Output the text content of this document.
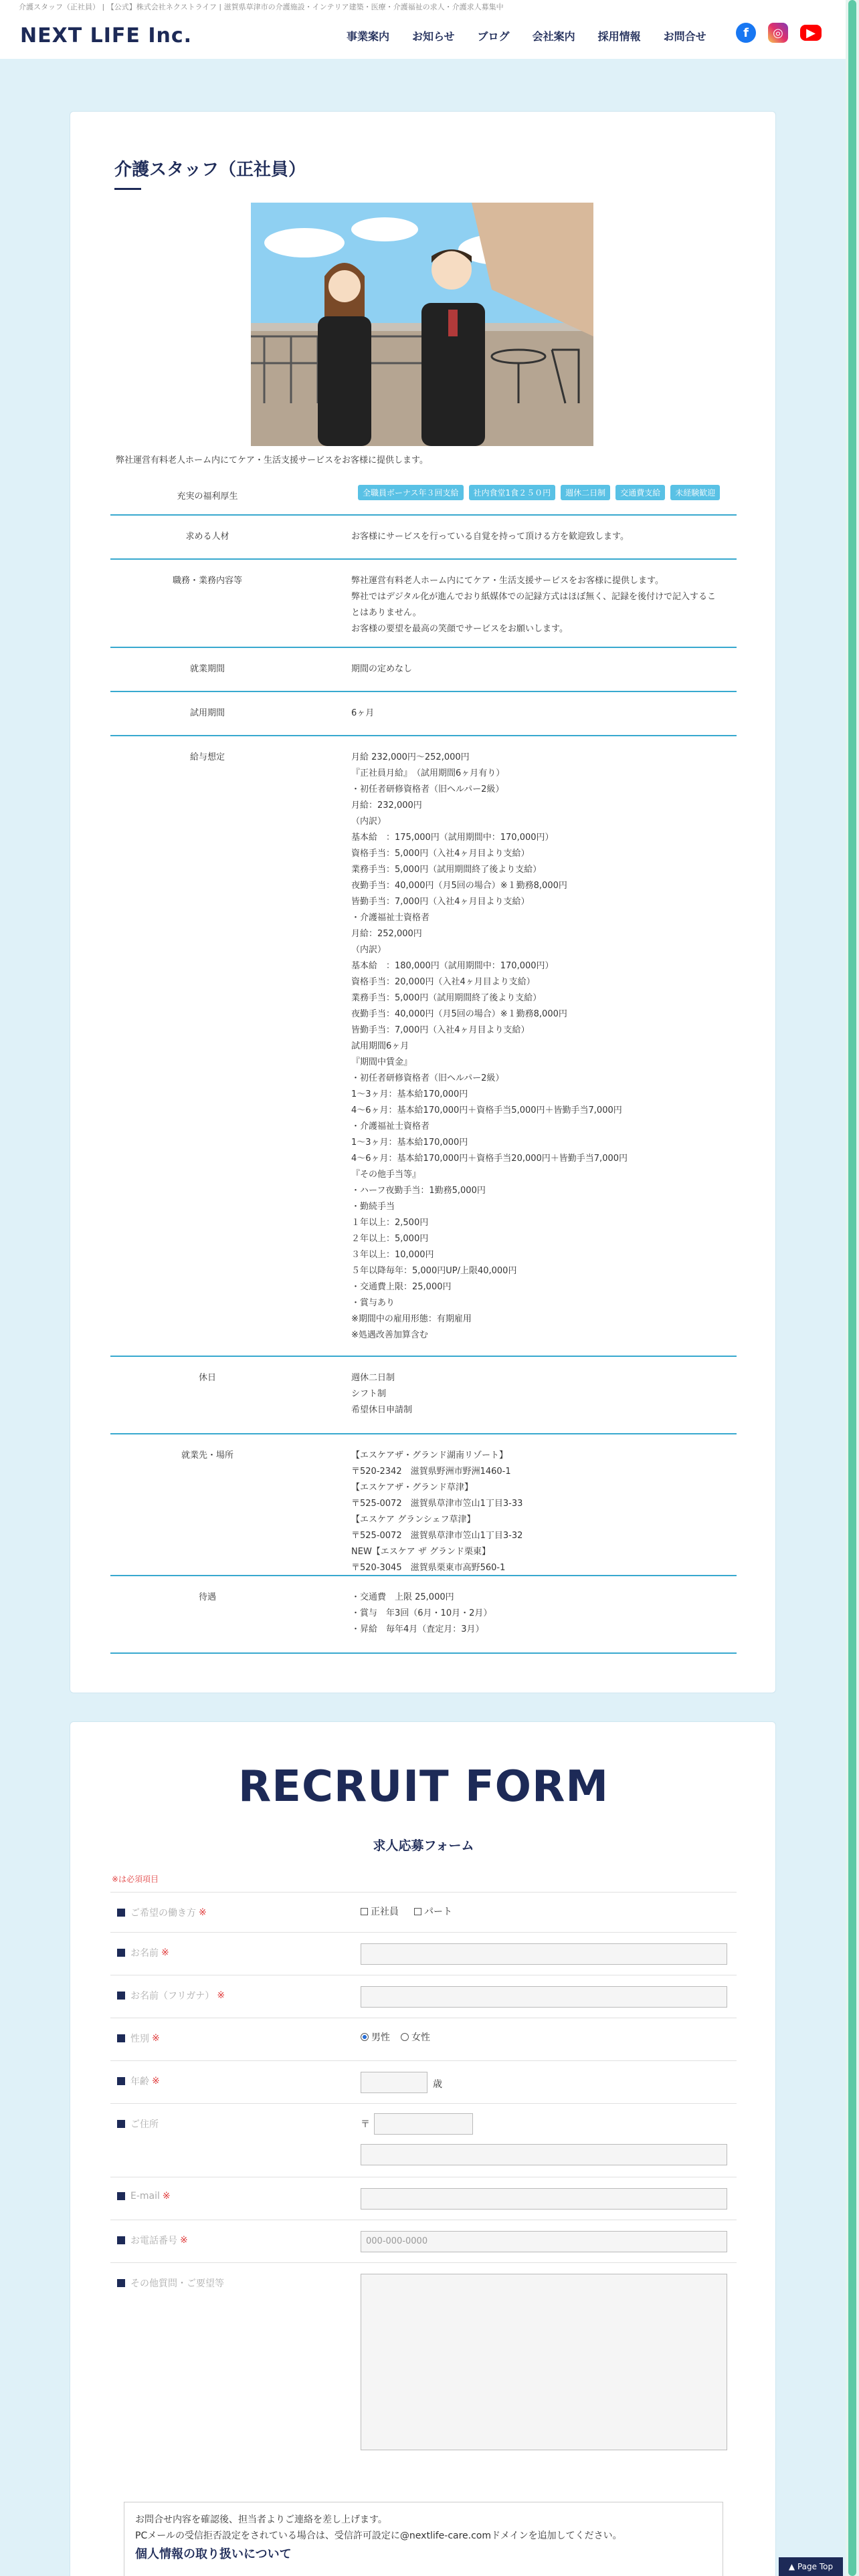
介護スタッフ（正社員） | 【公式】株式会社ネクストライフ | 滋賀県草津市の介護施設・インテリア建築・医療・介護福祉の求人・介護求人募集中
NEXT LIFE Inc.	事業案内 お知らせ ブログ 会社案内 採用情報 お問合せ	f	◎	▶
介護スタッフ（正社員）
弊社運営有料老人ホーム内にてケア・生活支援サービスをお客様に提供します。
充実の福利厚生	全職員ボーナス年３回支給	社内食堂1食２５０円	週休二日制	交通費支給	未経験歓迎
求める人材	お客様にサービスを行っている自覚を持って頂ける方を歓迎致します。
職務・業務内容等	弊社運営有料老人ホーム内にてケア・生活支援サービスをお客様に提供します。
弊社ではデジタル化が進んでおり紙媒体での記録方式はほぼ無く、記録を後付けで記入することはありません。
お客様の要望を最高の笑顔でサービスをお願いします。
就業期間	期間の定めなし
試用期間	6ヶ月
給与想定	月給 232,000円〜252,000円
『正社員月給』　（試用期間6ヶ月有り）
・初任者研修資格者（旧ヘルパー2級）
月給：232,000円
（内訳）
基本給　：175,000円（試用期間中：170,000円）
資格手当：5,000円（入社4ヶ月目より支給）
業務手当：5,000円（試用期間終了後より支給）
夜勤手当：40,000円（月5回の場合）※１勤務8,000円
皆勤手当：7,000円（入社4ヶ月目より支給）
・介護福祉士資格者
月給：252,000円
（内訳）
基本給　：180,000円（試用期間中：170,000円）
資格手当：20,000円（入社4ヶ月目より支給）
業務手当：5,000円（試用期間終了後より支給）
夜勤手当：40,000円（月5回の場合）※１勤務8,000円
皆勤手当：7,000円（入社4ヶ月目より支給）
試用期間6ヶ月
『期間中賃金』
・初任者研修資格者（旧ヘルパー2級）
1〜3ヶ月：基本給170,000円
4〜6ヶ月：基本給170,000円＋資格手当5,000円＋皆勤手当7,000円
・介護福祉士資格者
1〜3ヶ月：基本給170,000円
4〜6ヶ月：基本給170,000円＋資格手当20,000円＋皆勤手当7,000円
『その他手当等』
・ハーフ夜勤手当：1勤務5,000円
・勤続手当
１年以上：2,500円
２年以上：5,000円
３年以上：10,000円
５年以降毎年：5,000円UP/上限40,000円
・交通費上限：25,000円
・賞与あり
※期間中の雇用形態：有期雇用
※処遇改善加算含む
休日	週休二日制
シフト制
希望休日申請制
就業先・場所	【エスケアザ・グランド湖南リゾート】
〒520-2342　滋賀県野洲市野洲1460-1
【エスケアザ・グランド草津】
〒525-0072　滋賀県草津市笠山1丁目3-33
【エスケア グランシェフ草津】
〒525-0072　滋賀県草津市笠山1丁目3-32
NEW【エスケア ザ グランド栗東】
〒520-3045　滋賀県栗東市高野560-1
待遇	・交通費　上限 25,000円
・賞与　年3回（6月・10月・2月）
・昇給　毎年4月（査定月：3月）
RECRUIT FORM
求人応募フォーム
※は必須項目
ご希望の働き方 ※	正社員	パート
お名前 ※
お名前（フリガナ） ※
性別 ※	男性 女性
年齢 ※	歳
ご住所	〒
E-mail ※
お電話番号 ※	000-000-0000
その他質問・ご要望等
お問合せ内容を確認後、担当者よりご連絡を差し上げます。
PCメールの受信拒否設定をされている場合は、受信許可設定に@nextlife-care.comドメインを追加してください。
個人情報の取り扱いについて
▲ Page Top
